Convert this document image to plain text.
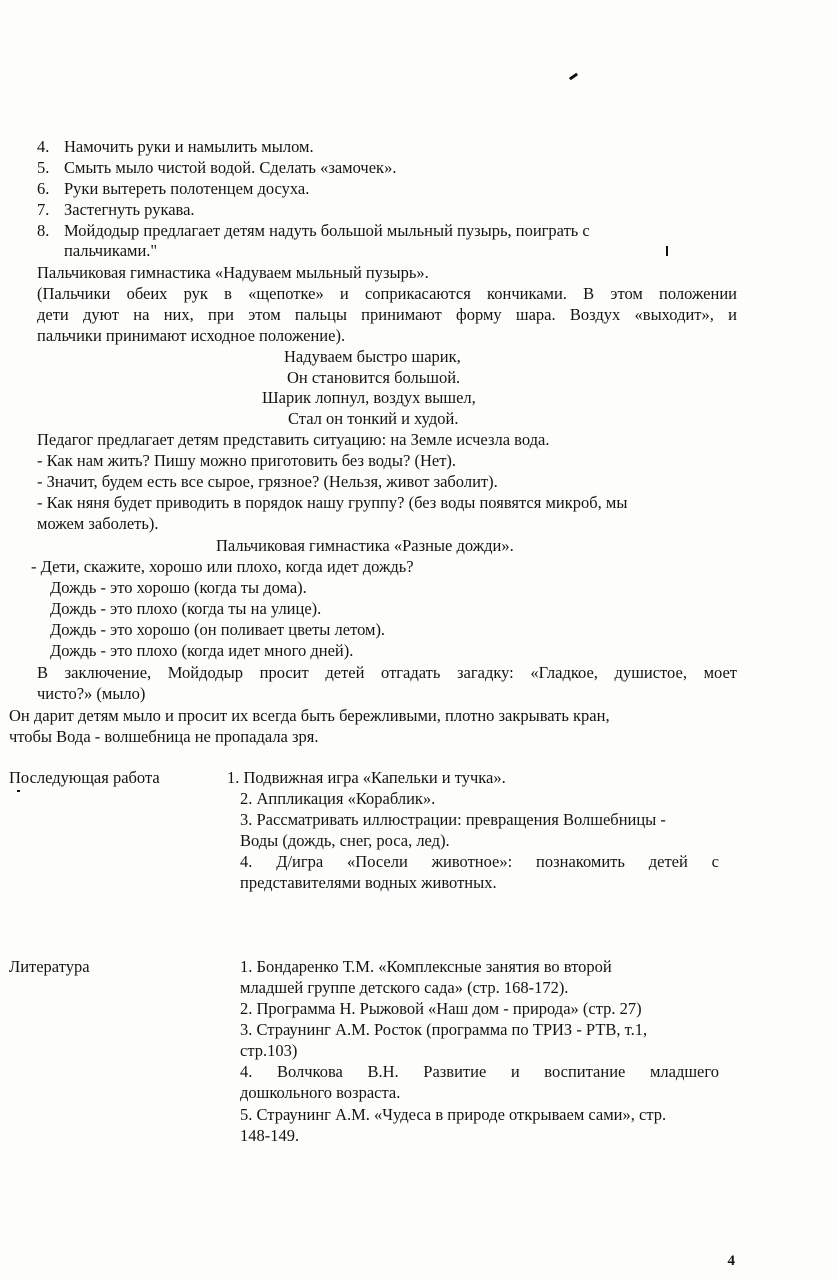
4. Намочить руки и намылить мылом.
5. Смыть мыло чистой водой. Сделать «замочек».
6. Руки вытереть полотенцем досуха.
7. Застегнуть рукава.
8. Мойдодыр предлагает детям надуть большой мыльный пузырь, поиграть с
пальчиками."
Пальчиковая гимнастика «Надуваем мыльный пузырь».
(Пальчики обеих рук в «щепотке» и соприкасаются кончиками. В этом положении
дети дуют на них, при этом пальцы принимают форму шара. Воздух «выходит», и
пальчики принимают исходное положение).
Надуваем быстро шарик,
Он становится большой.
Шарик лопнул, воздух вышел,
Стал он тонкий и худой.
Педагог предлагает детям представить ситуацию: на Земле исчезла вода.
- Как нам жить? Пишу можно приготовить без воды? (Нет).
- Значит, будем есть все сырое, грязное? (Нельзя, живот заболит).
- Как няня будет приводить в порядок нашу группу? (без воды появятся микроб, мы
можем заболеть).
Пальчиковая гимнастика «Разные дожди».
- Дети, скажите, хорошо или плохо, когда идет дождь?
Дождь - это хорошо (когда ты дома).
Дождь - это плохо (когда ты на улице).
Дождь - это хорошо (он поливает цветы летом).
Дождь - это плохо (когда идет много дней).
В заключение, Мойдодыр просит детей отгадать загадку: «Гладкое, душистое, моет
чисто?» (мыло)
Он дарит детям мыло и просит их всегда быть бережливыми, плотно закрывать кран,
чтобы Вода - волшебница не пропадала зря.
Последующая работа	1. Подвижная игра «Капельки и тучка».
2. Аппликация «Кораблик».
3. Рассматривать иллюстрации: превращения Волшебницы -
Воды (дождь, снег, роса, лед).
4. Д/игра «Посели животное»: познакомить детей с
представителями водных животных.
Литература	1. Бондаренко Т.М. «Комплексные занятия во второй
младшей группе детского сада» (стр. 168-172).
2. Программа Н. Рыжовой «Наш дом - природа» (стр. 27)
3. Страунинг А.М. Росток (программа по ТРИЗ - РТВ, т.1,
стр.103)
4. Волчкова В.Н. Развитие и воспитание младшего
дошкольного возраста.
5. Страунинг А.М. «Чудеса в природе открываем сами», стр.
148-149.
4
